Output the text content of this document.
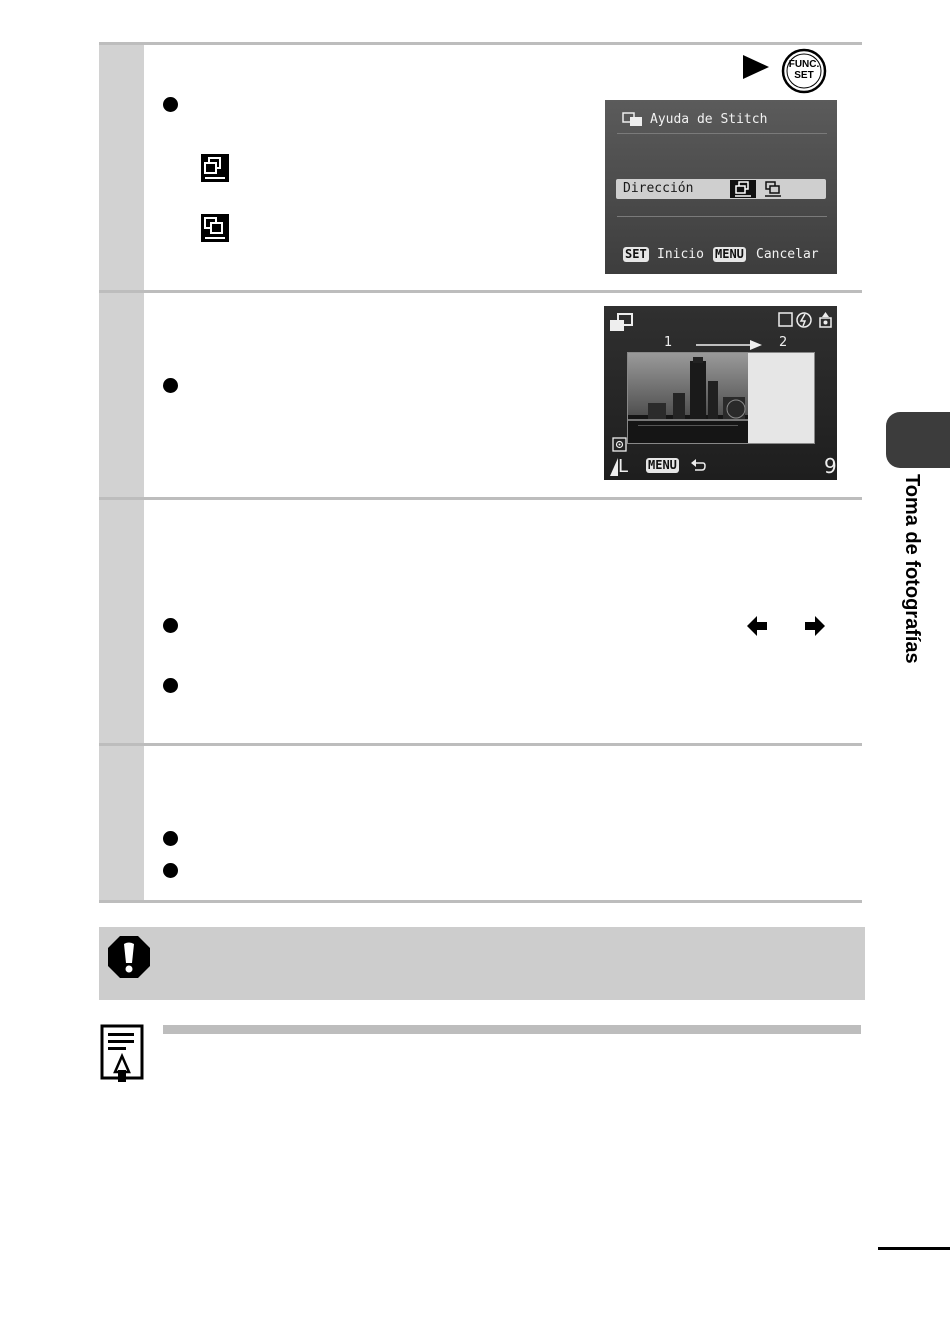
FUNC.
SET
Ayuda de Stitch
Dirección
SET Inicio MENU Cancelar
1	2
L MENU	9
Toma de fotografías
